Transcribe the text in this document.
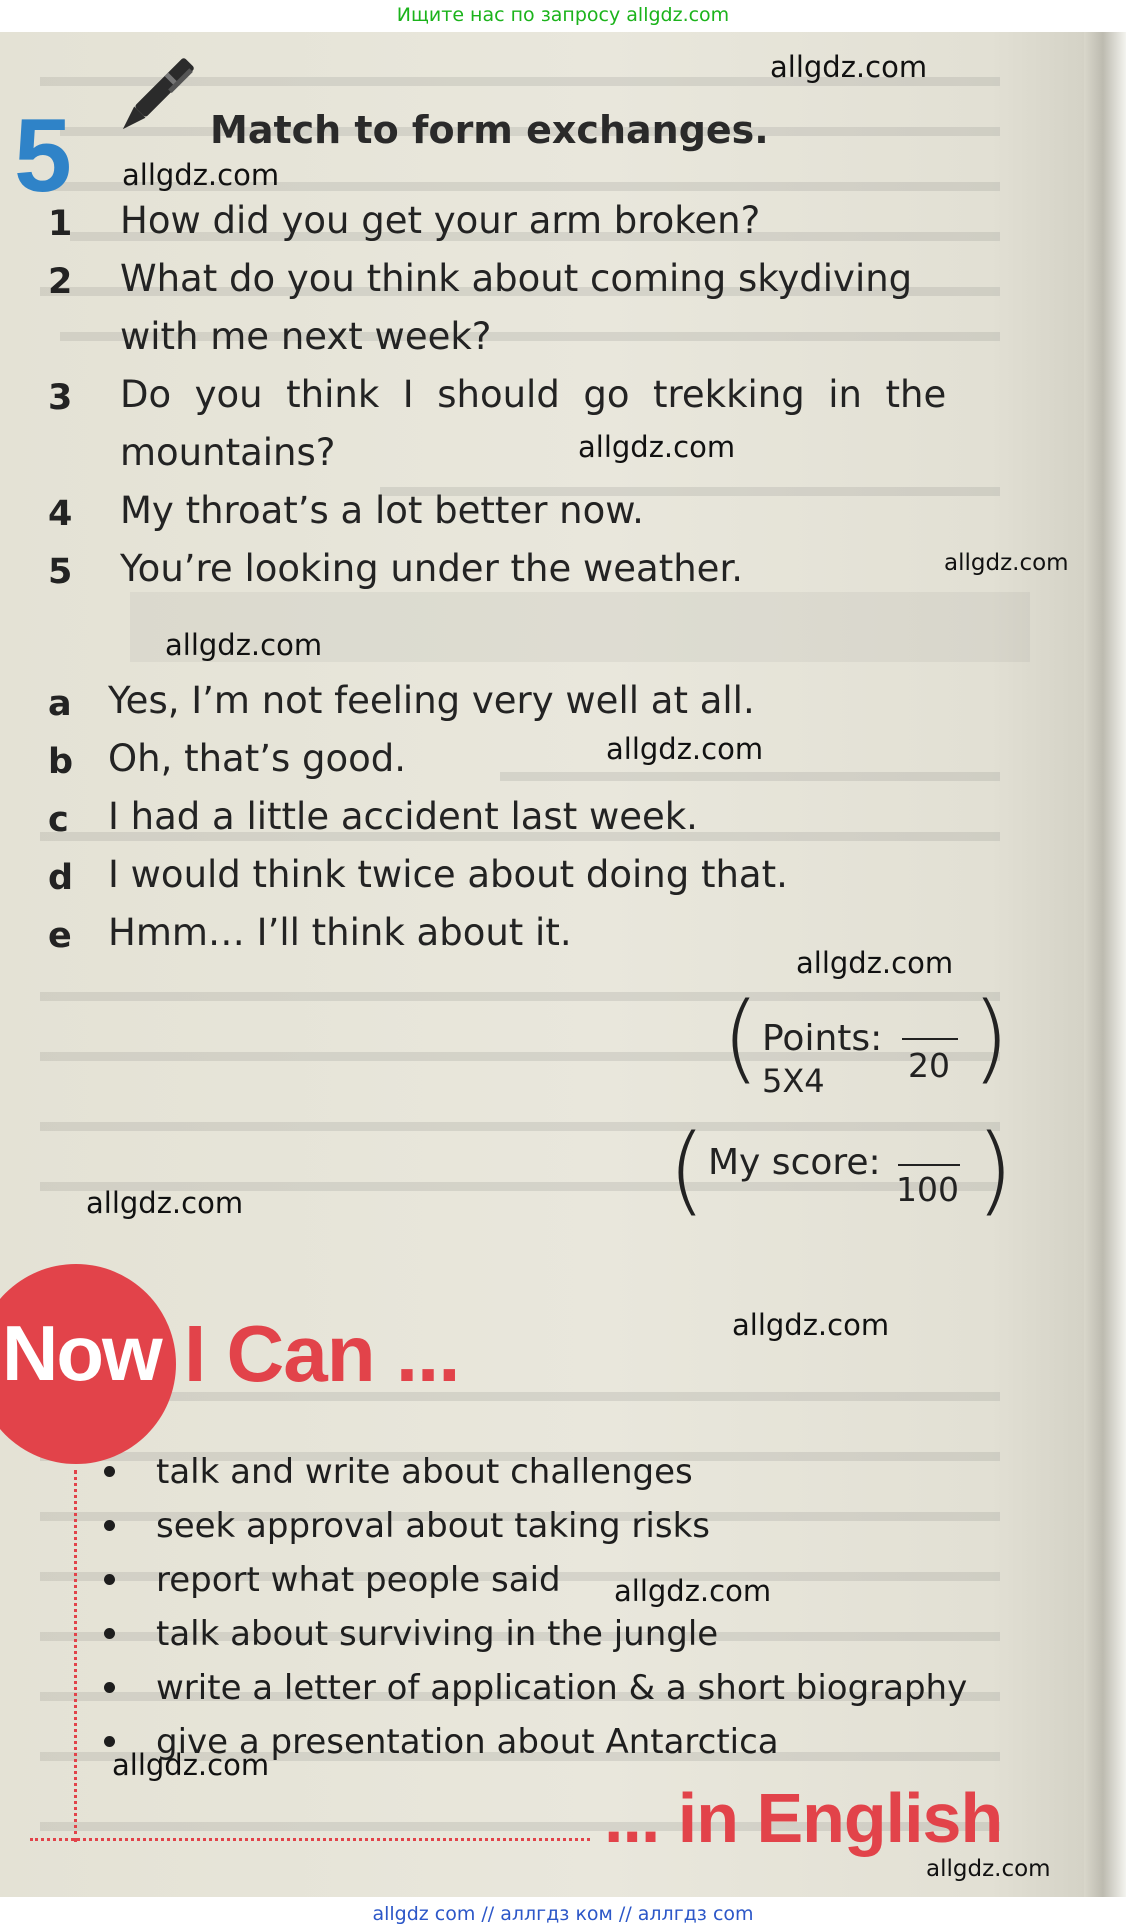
Ищите нас по запросу allgdz.com
allgdz.com
allgdz.com
allgdz.com
allgdz.com
allgdz.com
allgdz.com
allgdz.com
allgdz.com
allgdz.com
allgdz.com
allgdz.com
allgdz.com
5	Match to form exchanges.
1 How did you get your arm broken?
2 What do you think about coming skydiving
with me next week?
3 Do  you  think  I  should  go  trekking  in  the
mountains?
4 My throat’s a lot better now.
5 You’re looking under the weather.
a Yes, I’m not feeling very well at all.
b Oh, that’s good.
c I had a little accident last week.
d I would think twice about doing that.
e Hmm… I’ll think about it.
( )
Points:
5X4	20
(	)
My score:
100
Now I Can ...
talk and write about challenges
seek approval about taking risks
report what people said
talk about surviving in the jungle
write a letter of application & a short biography
give a presentation about Antarctica
... in English
allgdz com // аллгдз ком // аллгдз com
